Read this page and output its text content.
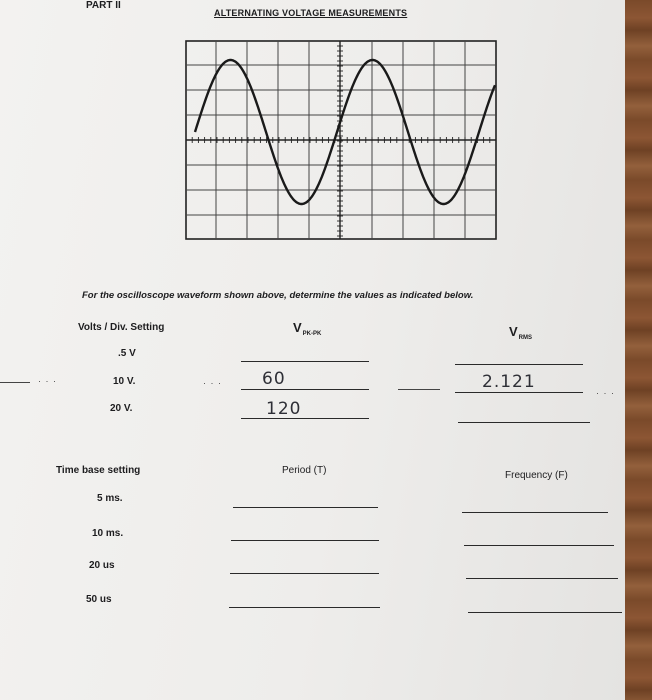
PART II
ALTERNATING VOLTAGE MEASUREMENTS
For the oscilloscope waveform shown above, determine the values as indicated below.
Volts / Div. Setting	$V_{PK-PK}$	$V_{RMS}$
.5 V
· · ·	10 V.	· · · 60	2.121
· · ·
20 V.	120
Time base setting	Period (T)	Frequency (F)
5 ms.
10 ms.
20 us
50 us
